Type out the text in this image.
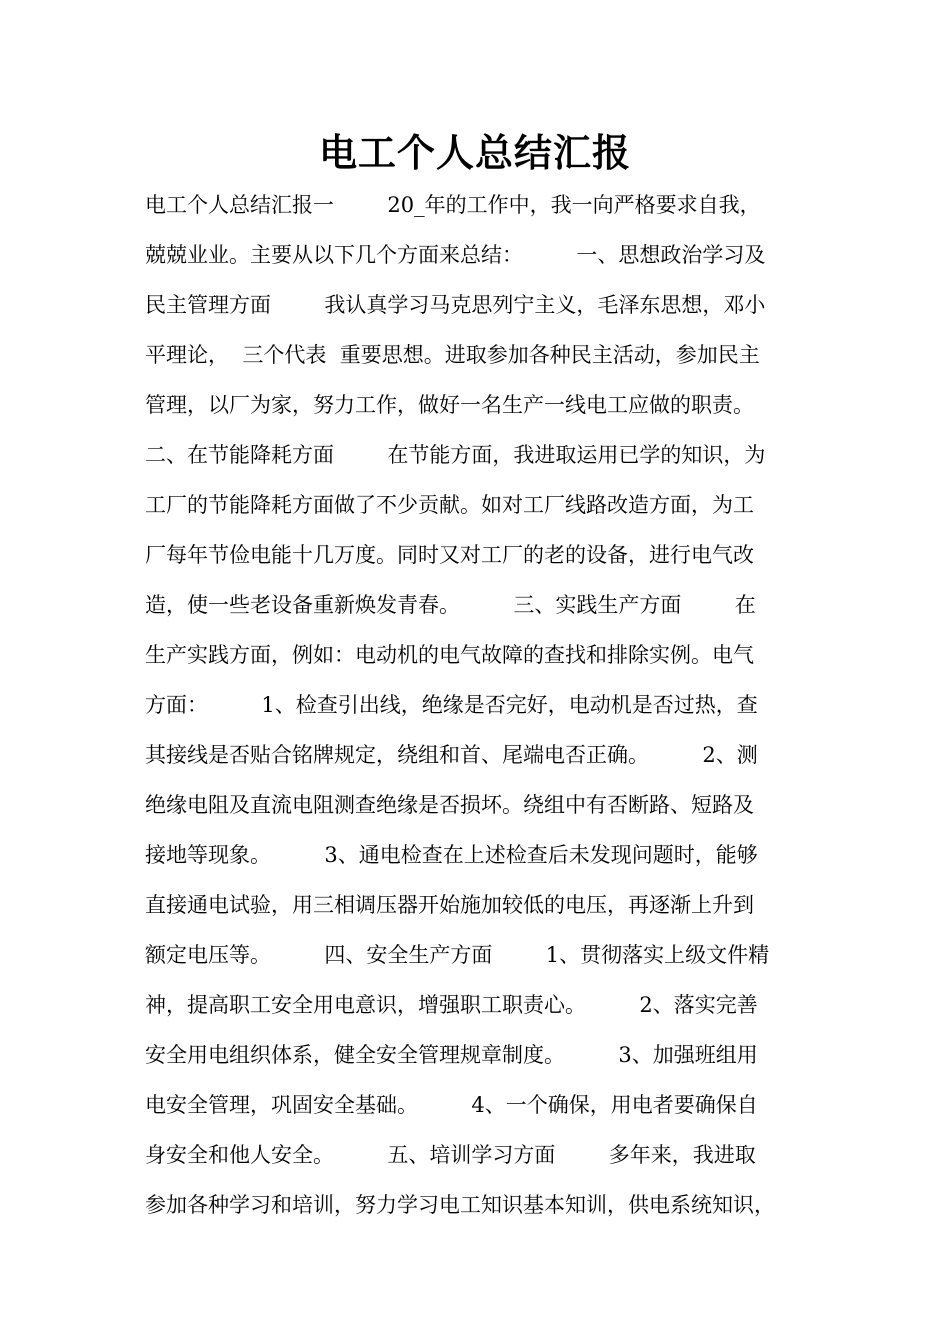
电工个人总结汇报
电工个人总结汇报一        20_年的工作中，我一向严格要求自我，
兢兢业业。主要从以下几个方面来总结：        一、思想政治学习及
民主管理方面        我认真学习马克思列宁主义，毛泽东思想，邓小
平理论，  三个代表  重要思想。进取参加各种民主活动，参加民主
管理，以厂为家，努力工作，做好一名生产一线电工应做的职责。
二、在节能降耗方面        在节能方面，我进取运用已学的知识，为
工厂的节能降耗方面做了不少贡献。如对工厂线路改造方面，为工
厂每年节俭电能十几万度。同时又对工厂的老的设备，进行电气改
造，使一些老设备重新焕发青春。        三、实践生产方面        在
生产实践方面，例如：电动机的电气故障的查找和排除实例。电气
方面：        1、检查引出线，绝缘是否完好，电动机是否过热，查
其接线是否贴合铭牌规定，绕组和首、尾端电否正确。        2、测
绝缘电阻及直流电阻测查绝缘是否损坏。绕组中有否断路、短路及
接地等现象。        3、通电检查在上述检查后未发现问题时，能够
直接通电试验，用三相调压器开始施加较低的电压，再逐渐上升到
额定电压等。        四、安全生产方面        1、贯彻落实上级文件精
神，提高职工安全用电意识，增强职工职责心。        2、落实完善
安全用电组织体系，健全安全管理规章制度。        3、加强班组用
电安全管理，巩固安全基础。        4、一个确保，用电者要确保自
身安全和他人安全。        五、培训学习方面        多年来，我进取
参加各种学习和培训，努力学习电工知识基本知训，供电系统知识，
